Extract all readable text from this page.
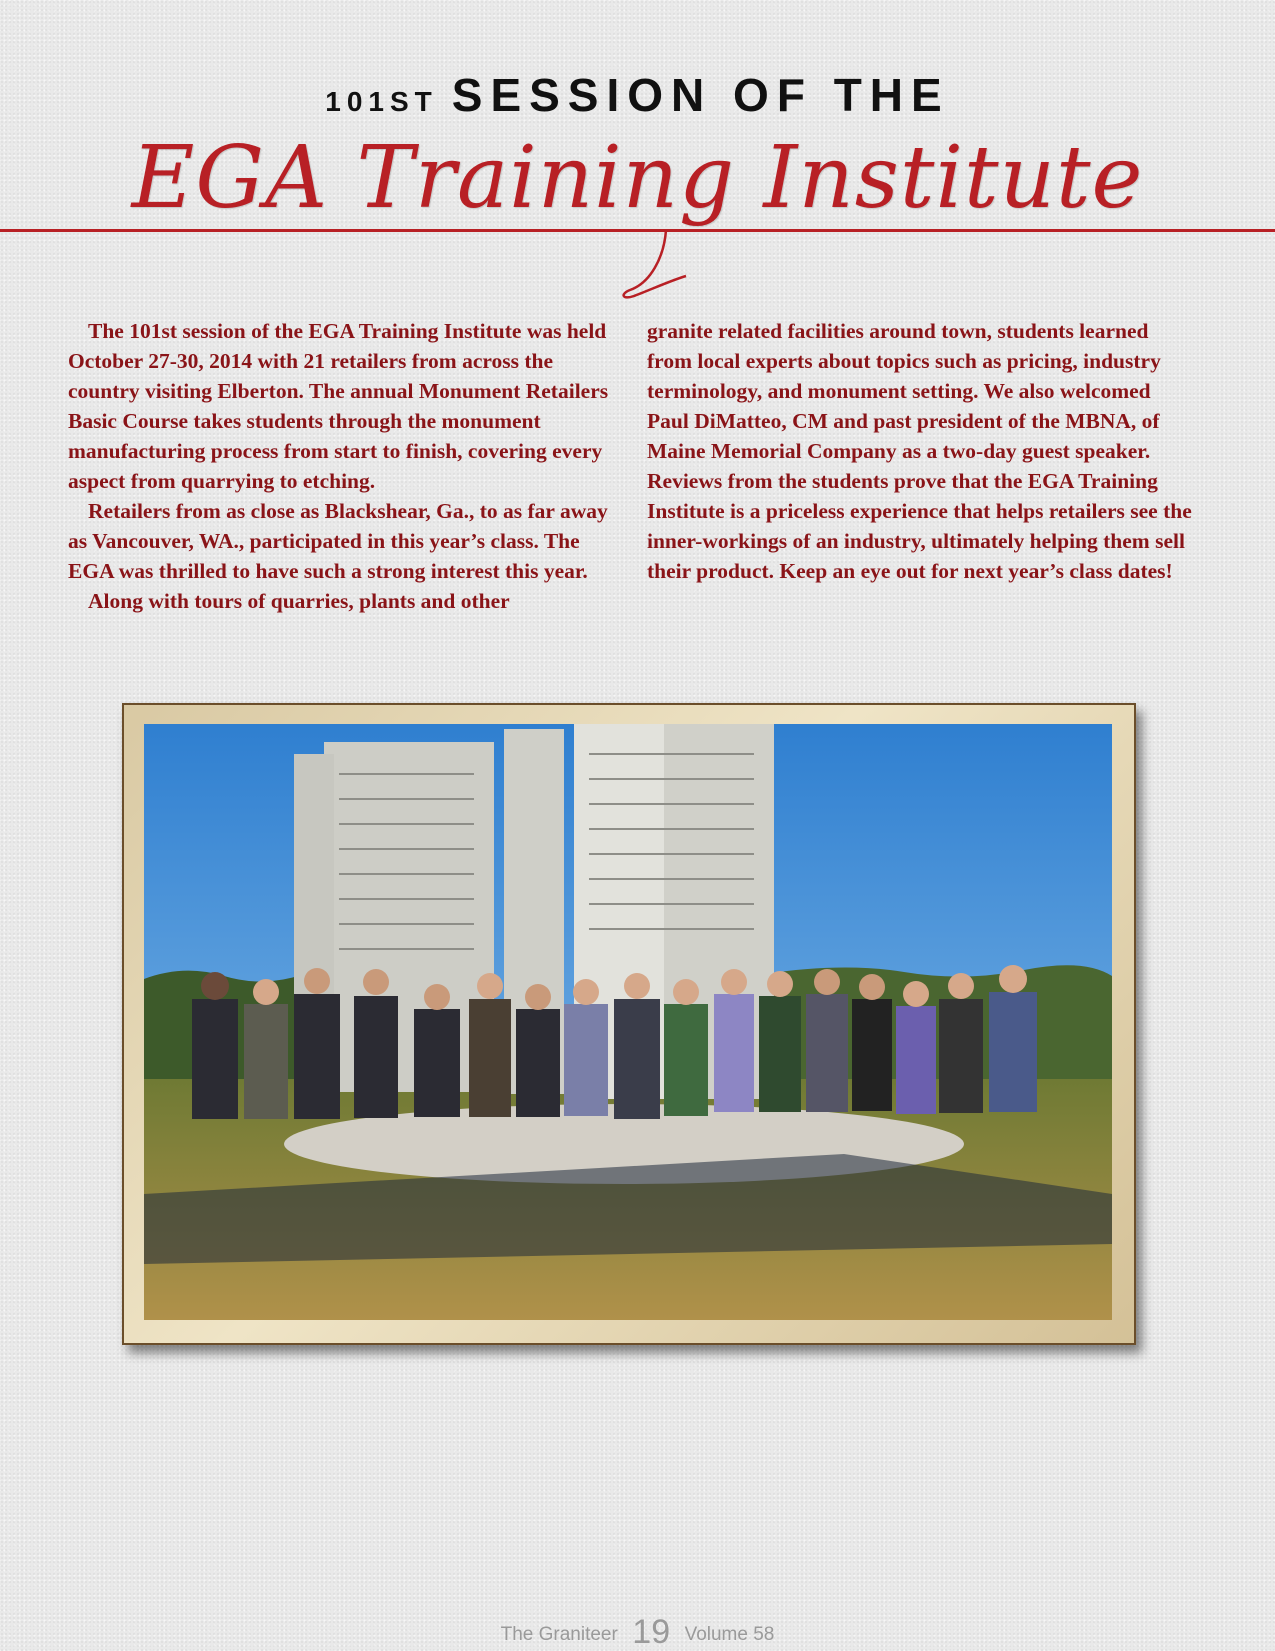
101ST SESSION OF THE
EGA Training Institute

The 101st session of the EGA Training Institute was held October 27-30, 2014 with 21 retailers from across the country visiting Elberton. The annual Monument Retailers Basic Course takes students through the monument manufacturing process from start to finish, covering every aspect from quarrying to etching.

Retailers from as close as Blackshear, Ga., to as far away as Vancouver, WA., participated in this year’s class. The EGA was thrilled to have such a strong interest this year.

Along with tours of quarries, plants and other

granite related facilities around town, students learned from local experts about topics such as pricing, industry terminology, and monument setting. We also welcomed Paul DiMatteo, CM and past president of the MBNA, of Maine Memorial Company as a two-day guest speaker. Reviews from the students prove that the EGA Training Institute is a priceless experience that helps retailers see the inner-workings of an industry, ultimately helping them sell their product. Keep an eye out for next year’s class dates!

The Graniteer 19 Volume 58
